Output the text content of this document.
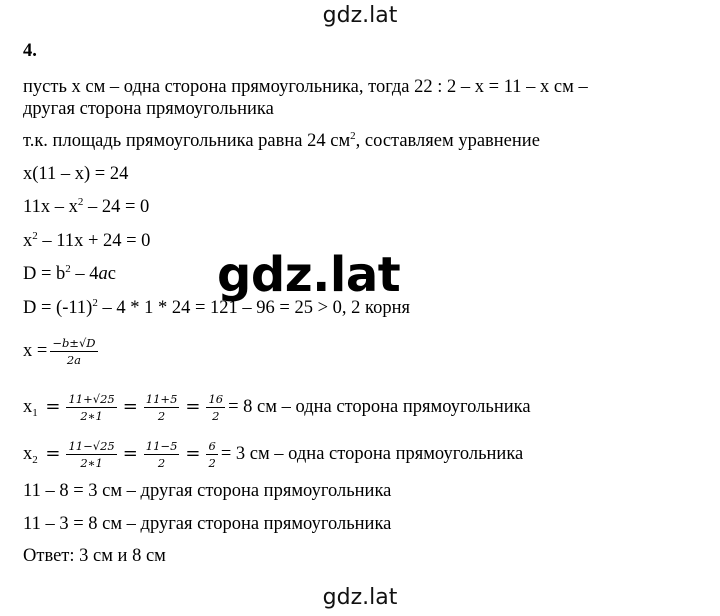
gdz.lat
gdz.lat
4.
пусть х см – одна сторона прямоугольника, тогда 22 : 2 – х = 11 – х см –
другая сторона прямоугольника
т.к. площадь прямоугольника равна 24 $см^2$, составляем уравнение
х(11 – х) = 24
$11х - х^2 - 24 = 0$
$х^2 - 11х + 24 = 0$
$D = b^2 - 4ac$
$D = (-11)^2 - 4 * 1 * 24 = 121 - 96 = 25 > 0$, 2 корня
$х = \frac{-b\pm√D}{2a}$
$х_1 = \frac{11+√25}{2∗1} = \frac{11+5}{2} = \frac{16}{2} = 8$ см – одна сторона прямоугольника
$х_2 = \frac{11-√25}{2∗1} = \frac{11-5}{2} = \frac{6}{2} = 3$ см – одна сторона прямоугольника
11 – 8 = 3 см – другая сторона прямоугольника
11 – 3 = 8 см – другая сторона прямоугольника
Ответ: 3 см и 8 см
gdz.lat
